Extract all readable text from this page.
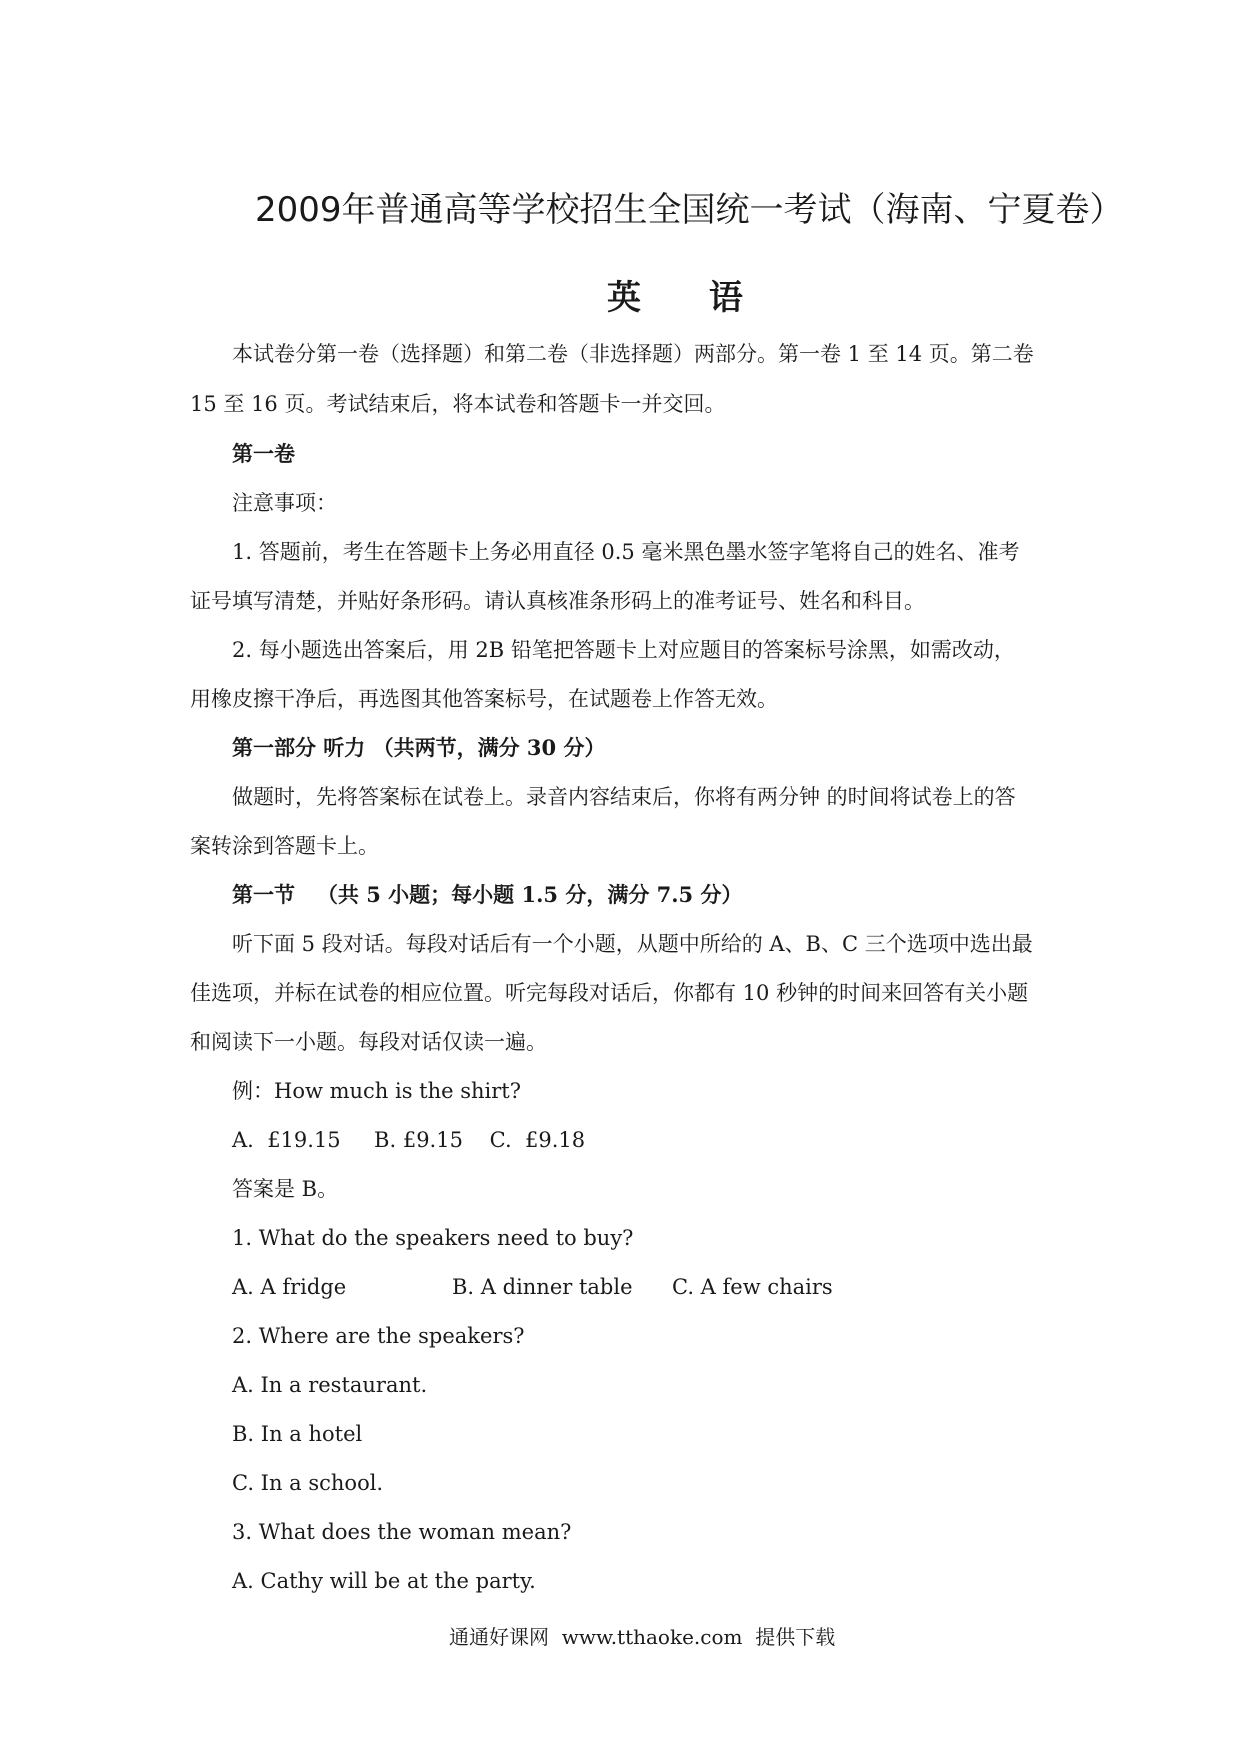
2009年普通高等学校招生全国统一考试（海南、宁夏卷）
英 语
本试卷分第一卷（选择题）和第二卷（非选择题）两部分。第一卷 1 至 14 页。第二卷
15 至 16 页。考试结束后，将本试卷和答题卡一并交回。
第一卷
注意事项：
1. 答题前，考生在答题卡上务必用直径 0.5 毫米黑色墨水签字笔将自己的姓名、准考
证号填写清楚，并贴好条形码。请认真核准条形码上的准考证号、姓名和科目。
2. 每小题选出答案后，用 2B 铅笔把答题卡上对应题目的答案标号涂黑，如需改动，
用橡皮擦干净后，再选图其他答案标号，在试题卷上作答无效。
第一部分 听力 （共两节，满分 30 分）
做题时，先将答案标在试卷上。录音内容结束后，你将有两分钟 的时间将试卷上的答
案转涂到答题卡上。
第一节   （共 5 小题；每小题 1.5 分，满分 7.5 分）
听下面 5 段对话。每段对话后有一个小题，从题中所给的 A、B、C 三个选项中选出最
佳选项，并标在试卷的相应位置。听完每段对话后，你都有 10 秒钟的时间来回答有关小题
和阅读下一小题。每段对话仅读一遍。
例：How much is the shirt?
A.  £19.15     B. £9.15    C.  £9.18
答案是 B。
1. What do the speakers need to buy?
A. A fridge	B. A dinner table C. A few chairs
2. Where are the speakers?
A. In a restaurant.
B. In a hotel
C. In a school.
3. What does the woman mean?
A. Cathy will be at the party.
通通好课网  www.tthaoke.com  提供下载
